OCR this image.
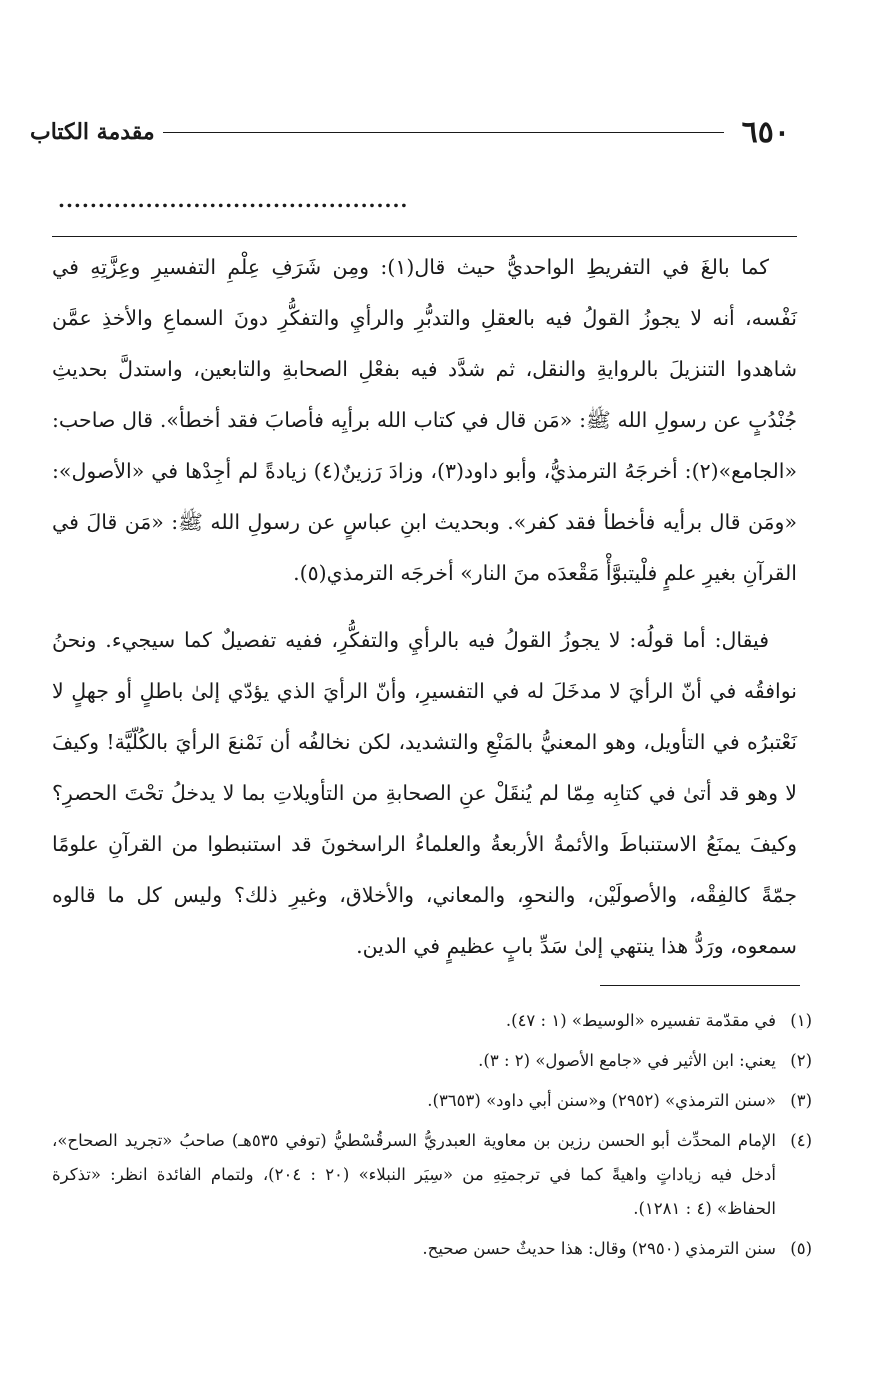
٦٥٠
مقدمة الكتاب
............................................

كما بالغَ في التفريطِ الواحديُّ حيث قال(١): ومِن شَرَفِ عِلْمِ التفسيرِ وعِزَّتِهِ في نَفْسه، أنه لا يجوزُ القولُ فيه بالعقلِ والتدبُّرِ والرأيِ والتفكُّرِ دونَ السماعِ والأخذِ عمَّن شاهدوا التنزيلَ بالروايةِ والنقل، ثم شدَّد فيه بفعْلِ الصحابةِ والتابعين، واستدلَّ بحديثِ جُنْدُبٍ عن رسولِ الله ﷺ: «مَن قال في كتاب الله برأيِه فأصابَ فقد أخطأ». قال صاحب: «الجامع»(٢): أخرجَهُ الترمذيُّ، وأبو داود(٣)، وزادَ رَزينٌ(٤) زيادةً لم أجِدْها في «الأصول»: «ومَن قال برأيه فأخطأ فقد كفر». وبحديث ابنِ عباسٍ عن رسولِ الله ﷺ: «مَن قالَ في القرآنِ بغيرِ علمٍ فلْيتبوَّأْ مَقْعدَه منَ النار» أخرجَه الترمذي(٥).

فيقال: أما قولُه: لا يجوزُ القولُ فيه بالرأيِ والتفكُّرِ، ففيه تفصيلٌ كما سيجيء. ونحنُ نوافقُه في أنّ الرأيَ لا مدخَلَ له في التفسيرِ، وأنّ الرأيَ الذي يؤدّي إلىٰ باطلٍ أو جهلٍ لا نَعْتبرُه في التأويل، وهو المعنيُّ بالمَنْعِ والتشديد، لكن نخالفُه أن نَمْنعَ الرأيَ بالكُلّيَّة! وكيفَ لا وهو قد أتىٰ في كتابِه مِمّا لم يُنقَلْ عنِ الصحابةِ من التأويلاتِ بما لا يدخلُ تحْتَ الحصرِ؟ وكيفَ يمنَعُ الاستنباطَ والأئمةُ الأربعةُ والعلماءُ الراسخونَ قد استنبطوا من القرآنِ علومًا جمّةً كالفِقْه، والأصولَيْن، والنحوِ، والمعاني، والأخلاق، وغيرِ ذلك؟ وليس كل ما قالوه سمعوه، ورَدُّ هذا ينتهي إلىٰ سَدِّ بابٍ عظيمٍ في الدين.

(١)
في مقدّمة تفسيره «الوسيط» (١ : ٤٧).
(٢)
يعني: ابن الأثير في «جامع الأصول» (٢ : ٣).
(٣)
«سنن الترمذي» (٢٩٥٢) و«سنن أبي داود» (٣٦٥٣).
(٤)
الإمام المحدِّث أبو الحسن رزين بن معاوية العبدريُّ السرقُسْطيُّ (توفي ٥٣٥هـ) صاحبُ «تجريد الصحاح»، أدخل فيه زياداتٍ واهيةً كما في ترجمتِهِ من «سِيَر النبلاء» (٢٠ : ٢٠٤)، ولتمام الفائدة انظر: «تذكرة الحفاظ» (٤ : ١٢٨١).
(٥)
سنن الترمذي (٢٩٥٠) وقال: هذا حديثٌ حسن صحيح.
